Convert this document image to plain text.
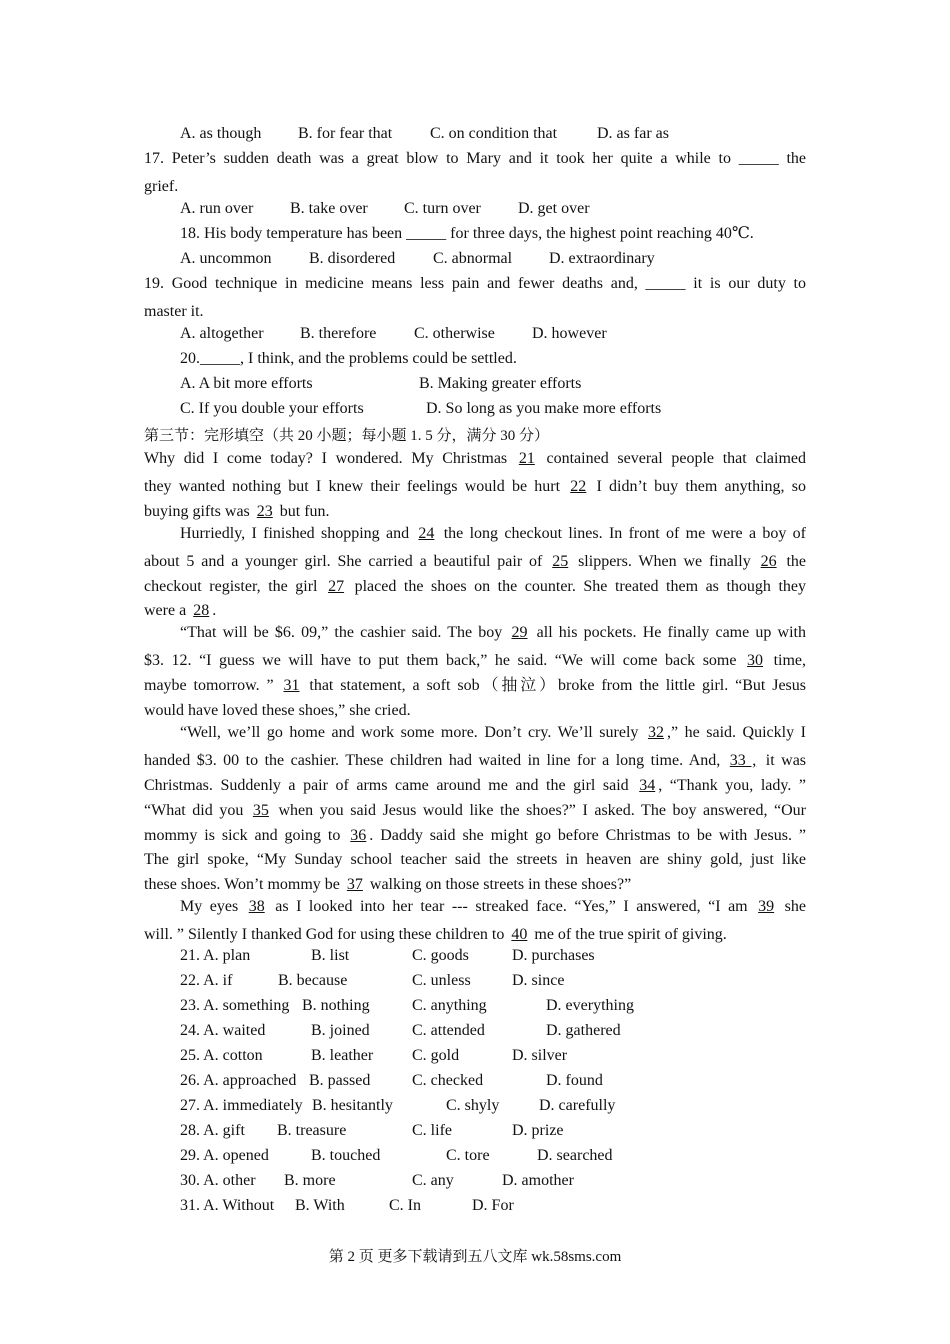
A. as though B. for fear that C. on condition that D. as far as
17. Peter’s sudden death was a great blow to Mary and it took her quite a while to _____ the
grief.
A. run over B. take over C. turn over D. get over
18. His body temperature has been _____ for three days, the highest point reaching 40℃.
A. uncommon B. disordered C. abnormal D. extraordinary
19. Good technique in medicine means less pain and fewer deaths and, _____ it is our duty to
master it.
A. altogether B. therefore C. otherwise D. however
20._____, I think, and the problems could be settled.
A. A bit more efforts	B. Making greater efforts
C. If you double your efforts	D. So long as you make more efforts
第三节：完形填空（共 20 小题；每小题 1. 5 分，满分 30 分）
Why did I come today? I wondered. My Christmas 21 contained several people that claimed
they wanted nothing but I knew their feelings would be hurt 22 I didn’t buy them anything, so
buying gifts was 23 but fun.
Hurriedly, I finished shopping and 24 the long checkout lines. In front of me were a boy of
about 5 and a younger girl. She carried a beautiful pair of 25 slippers. When we finally 26 the
checkout register, the girl 27 placed the shoes on the counter. She treated them as though they
were a 28 .
“That will be $6. 09,” the cashier said. The boy 29 all his pockets. He finally came up with
$3. 12. “I guess we will have to put them back,” he said. “We will come back some 30 time,
maybe tomorrow. ” 31 that statement, a soft sob（抽泣）broke from the little girl. “But Jesus
would have loved these shoes,” she cried.
“Well, we’ll go home and work some more. Don’t cry. We’ll surely 32 ,” he said. Quickly I
handed $3. 00 to the cashier. These children had waited in line for a long time. And, 33 , it was
Christmas. Suddenly a pair of arms came around me and the girl said 34 , “Thank you, lady. ”
“What did you 35 when you said Jesus would like the shoes?” I asked. The boy answered, “Our
mommy is sick and going to 36 . Daddy said she might go before Christmas to be with Jesus. ”
The girl spoke, “My Sunday school teacher said the streets in heaven are shiny gold, just like
these shoes. Won’t mommy be 37 walking on those streets in these shoes?”
My eyes 38 as I looked into her tear --- streaked face. “Yes,” I answered, “I am 39 she
will. ” Silently I thanked God for using these children to 40 me of the true spirit of giving.
21. A. plan	B. list	C. goods	D. purchases
22. A. if	B. because	C. unless	D. since
23. A. something B. nothing	C. anything	D. everything
24. A. waited	B. joined	C. attended	D. gathered
25. A. cotton	B. leather C. gold	D. silver
26. A. approached B. passed	C. checked	D. found
27. A. immediately B. hesitantly	C. shyly D. carefully
28. A. gift B. treasure	C. life	D. prize
29. A. opened	B. touched	C. tore	D. searched
30. A. other B. more	C. any	D. amother
31. A. Without B. With	C. In	D. For
第 2 页 更多下载请到五八文库 wk.58sms.com
